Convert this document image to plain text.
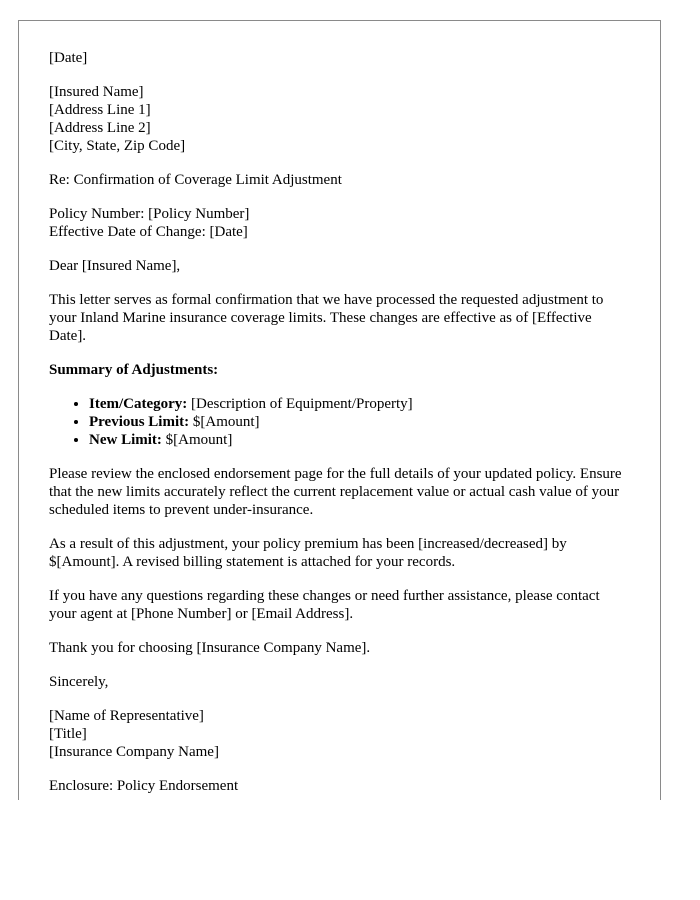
[Date]
[Insured Name]
[Address Line 1]
[Address Line 2]
[City, State, Zip Code]
Re: Confirmation of Coverage Limit Adjustment
Policy Number: [Policy Number]
Effective Date of Change: [Date]
Dear [Insured Name],

This letter serves as formal confirmation that we have processed the requested adjustment to your Inland Marine insurance coverage limits. These changes are effective as of [Effective Date].

Summary of Adjustments:
• Item/Category: [Description of Equipment/Property]
• Previous Limit: $[Amount]
• New Limit: $[Amount]

Please review the enclosed endorsement page for the full details of your updated policy. Ensure that the new limits accurately reflect the current replacement value or actual cash value of your scheduled items to prevent under-insurance.

As a result of this adjustment, your policy premium has been [increased/decreased] by $[Amount]. A revised billing statement is attached for your records.

If you have any questions regarding these changes or need further assistance, please contact your agent at [Phone Number] or [Email Address].

Thank you for choosing [Insurance Company Name].

Sincerely,
[Name of Representative]
[Title]
[Insurance Company Name]
Enclosure: Policy Endorsement
